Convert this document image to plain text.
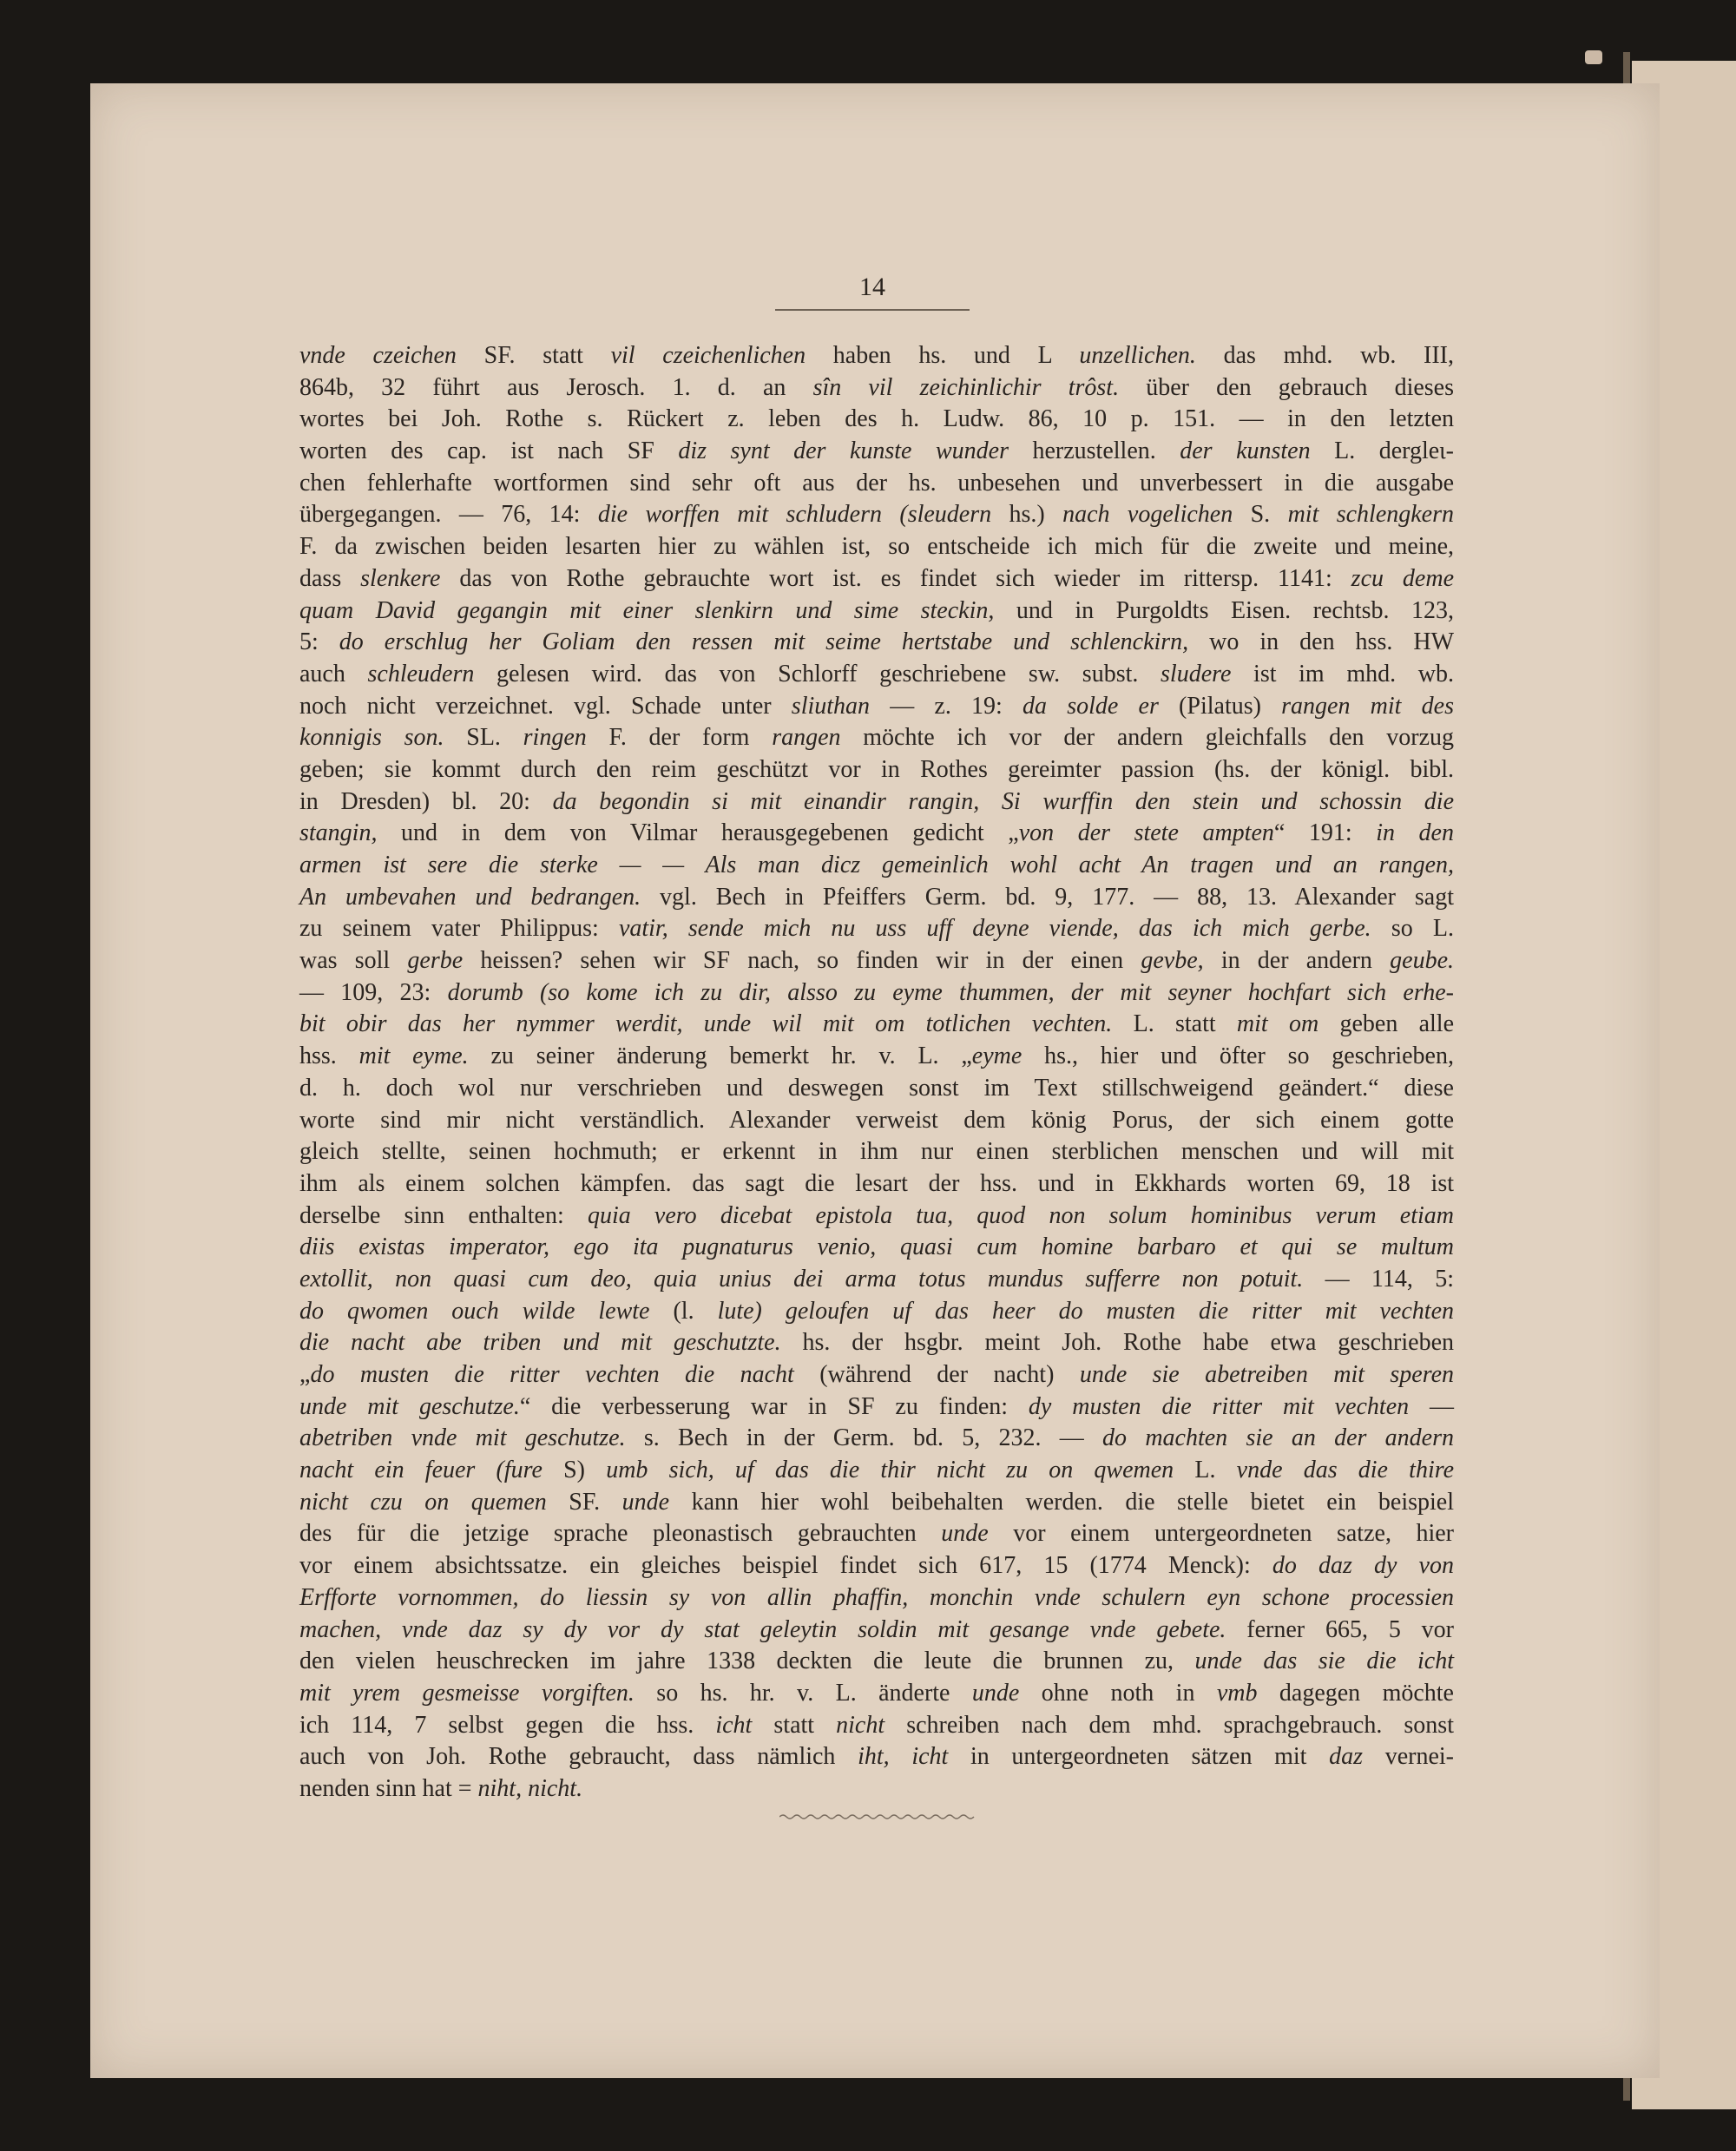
14
vnde czeichen SF. statt vil czeichenlichen haben hs. und L unzellichen. das mhd. wb. III,
864b, 32 führt aus Jerosch. 1. d. an sîn vil zeichinlichir trôst. über den gebrauch dieses
wortes bei Joh. Rothe s. Rückert z. leben des h. Ludw. 86, 10 p. 151. — in den letzten
worten des cap. ist nach SF diz synt der kunste wunder herzustellen. der kunsten L. dergleι-
chen fehlerhafte wortformen sind sehr oft aus der hs. unbesehen und unverbessert in die ausgabe
übergegangen. — 76, 14: die worffen mit schludern (sleudern hs.) nach vogelichen S. mit schlengkern
F. da zwischen beiden lesarten hier zu wählen ist, so entscheide ich mich für die zweite und meine,
dass slenkere das von Rothe gebrauchte wort ist. es findet sich wieder im rittersp. 1141: zcu deme
quam David gegangin mit einer slenkirn und sime steckin, und in Purgoldts Eisen. rechtsb. 123,
5: do erschlug her Goliam den ressen mit seime hertstabe und schlenckirn, wo in den hss. HW
auch schleudern gelesen wird. das von Schlorff geschriebene sw. subst. sludere ist im mhd. wb.
noch nicht verzeichnet. vgl. Schade unter sliuthan — z. 19: da solde er (Pilatus) rangen mit des
konnigis son. SL. ringen F. der form rangen möchte ich vor der andern gleichfalls den vorzug
geben; sie kommt durch den reim geschützt vor in Rothes gereimter passion (hs. der königl. bibl.
in Dresden) bl. 20: da begondin si mit einandir rangin, Si wurffin den stein und schossin die
stangin, und in dem von Vilmar herausgegebenen gedicht „von der stete ampten“ 191: in den
armen ist sere die sterke — — Als man dicz gemeinlich wohl acht An tragen und an rangen,
An umbevahen und bedrangen. vgl. Bech in Pfeiffers Germ. bd. 9, 177. — 88, 13. Alexander sagt
zu seinem vater Philippus: vatir, sende mich nu uss uff deyne viende, das ich mich gerbe. so L.
was soll gerbe heissen? sehen wir SF nach, so finden wir in der einen gevbe, in der andern geube.
— 109, 23: dorumb (so kome ich zu dir, alsso zu eyme thummen, der mit seyner hochfart sich erhe-
bit obir das her nymmer werdit, unde wil mit om totlichen vechten. L. statt mit om geben alle
hss. mit eyme. zu seiner änderung bemerkt hr. v. L. „eyme hs., hier und öfter so geschrieben,
d. h. doch wol nur verschrieben und deswegen sonst im Text stillschweigend geändert.“ diese
worte sind mir nicht verständlich. Alexander verweist dem könig Porus, der sich einem gotte
gleich stellte, seinen hochmuth; er erkennt in ihm nur einen sterblichen menschen und will mit
ihm als einem solchen kämpfen. das sagt die lesart der hss. und in Ekkhards worten 69, 18 ist
derselbe sinn enthalten: quia vero dicebat epistola tua, quod non solum hominibus verum etiam
diis existas imperator, ego ita pugnaturus venio, quasi cum homine barbaro et qui se multum
extollit, non quasi cum deo, quia unius dei arma totus mundus sufferre non potuit. — 114, 5:
do qwomen ouch wilde lewte (l. lute) geloufen uf das heer do musten die ritter mit vechten
die nacht abe triben und mit geschutzte. hs. der hsgbr. meint Joh. Rothe habe etwa geschrieben
„do musten die ritter vechten die nacht (während der nacht) unde sie abetreiben mit speren
unde mit geschutze.“ die verbesserung war in SF zu finden: dy musten die ritter mit vechten —
abetriben vnde mit geschutze. s. Bech in der Germ. bd. 5, 232. — do machten sie an der andern
nacht ein feuer (fure S) umb sich, uf das die thir nicht zu on qwemen L. vnde das die thire
nicht czu on quemen SF. unde kann hier wohl beibehalten werden. die stelle bietet ein beispiel
des für die jetzige sprache pleonastisch gebrauchten unde vor einem untergeordneten satze, hier
vor einem absichtssatze. ein gleiches beispiel findet sich 617, 15 (1774 Menck): do daz dy von
Erfforte vornommen, do liessin sy von allin phaffin, monchin vnde schulern eyn schone processien
machen, vnde daz sy dy vor dy stat geleytin soldin mit gesange vnde gebete. ferner 665, 5 vor
den vielen heuschrecken im jahre 1338 deckten die leute die brunnen zu, unde das sie die icht
mit yrem gesmeisse vorgiften. so hs. hr. v. L. änderte unde ohne noth in vmb dagegen möchte
ich 114, 7 selbst gegen die hss. icht statt nicht schreiben nach dem mhd. sprachgebrauch. sonst
auch von Joh. Rothe gebraucht, dass nämlich iht, icht in untergeordneten sätzen mit daz vernei-
nenden sinn hat = niht, nicht.
